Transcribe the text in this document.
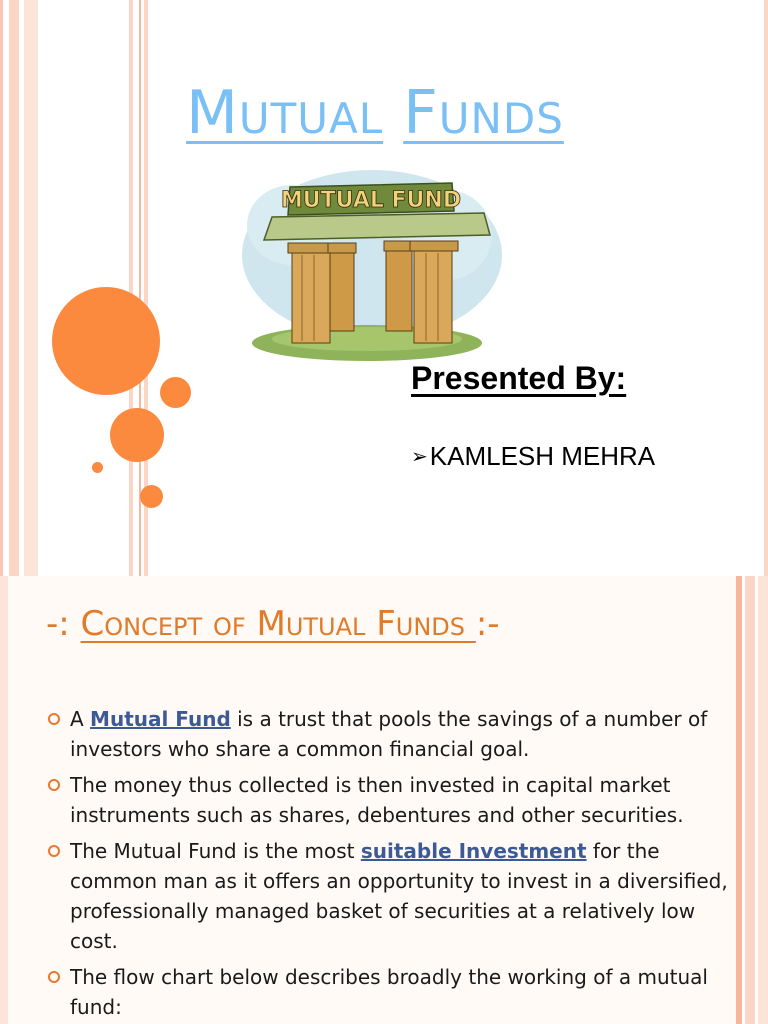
Mutual Funds
MUTUAL FUND
Presented By:
➢ KAMLESH MEHRA
-: Concept of Mutual Funds :-
A Mutual Fund is a trust that pools the savings of a number of investors who share a common financial goal.
The money thus collected is then invested in capital market instruments such as shares, debentures and other securities.
The Mutual Fund is the most suitable Investment for the common man as it offers an opportunity to invest in a diversified, professionally managed basket of securities at a relatively low cost.
The flow chart below describes broadly the working of a mutual fund:
